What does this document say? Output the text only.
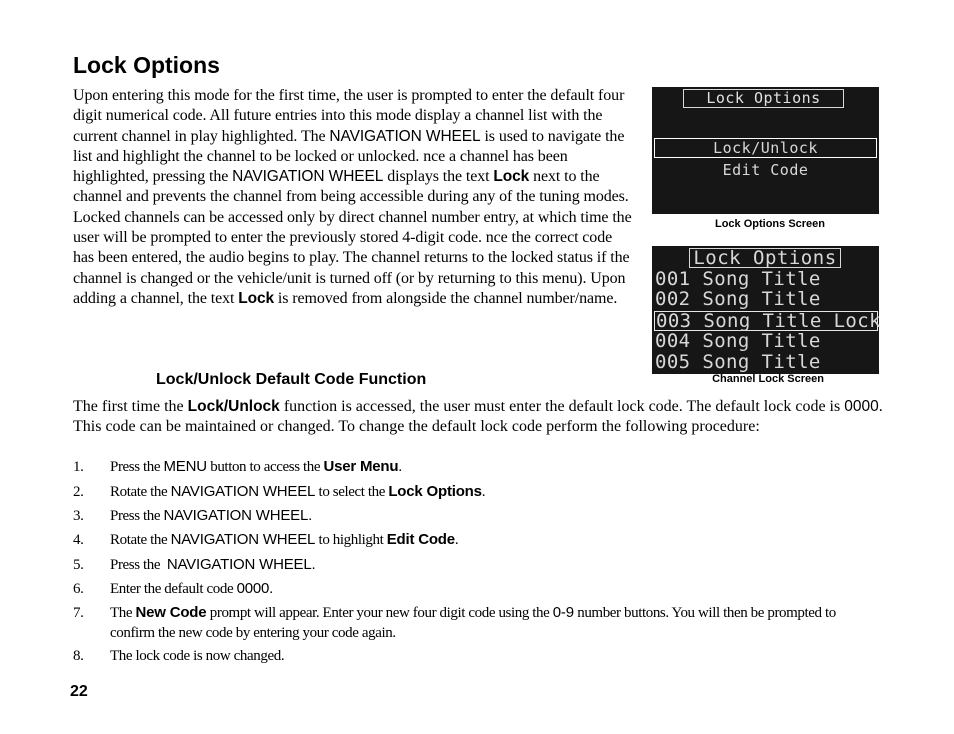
Lock Options

Upon entering this mode for the first time, the user is prompted to enter the default four digit numerical code. All future entries into this mode display a channel list with the current channel in play highlighted. The NAVIGATION WHEEL is used to navigate the list and highlight the channel to be locked or unlocked. nce a channel has been highlighted, pressing the NAVIGATION WHEEL displays the text Lock next to the channel and prevents the channel from being accessible during any of the tuning modes. Locked channels can be accessed only by direct channel number entry, at which time the user will be prompted to enter the previously stored 4-digit code. nce the correct code has been entered, the audio begins to play. The channel returns to the locked status if the channel is changed or the vehicle/unit is turned off (or by returning to this menu). Upon adding a channel, the text Lock is removed from alongside the channel number/name.

Lock Options
Lock/Unlock
Edit Code
Lock Options Screen
Lock Options
001 Song Title
002 Song Title
003 Song Title Lock
004 Song Title
005 Song Title
Channel Lock Screen
Lock/Unlock Default Code Function

The first time the Lock/Unlock function is accessed, the user must enter the default lock code. The default lock code is 0000. This code can be maintained or changed. To change the default lock code perform the following procedure:

1.	Press the MENU button to access the User Menu.
2.	Rotate the NAVIGATION WHEEL to select the Lock Options.
3.	Press the NAVIGATION WHEEL.
4.	Rotate the NAVIGATION WHEEL to highlight Edit Code.
5.	Press the  NAVIGATION WHEEL.
6.	Enter the default code 0000.
7.	The New Code prompt will appear. Enter your new four digit code using the 0-9 number buttons. You will then be prompted to confirm the new code by entering your code again.
8.	The lock code is now changed.
22
